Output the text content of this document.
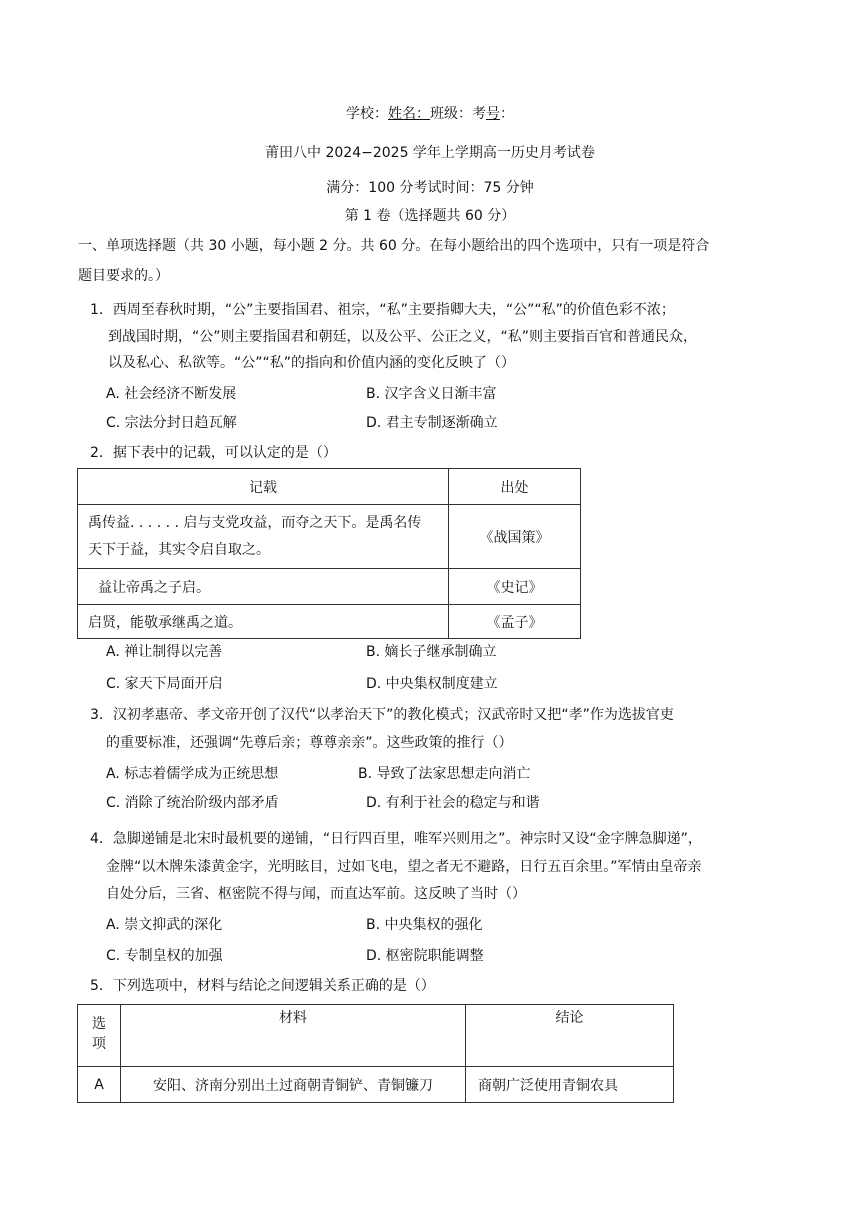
学校：姓名：班级：考号：
莆田八中 2024−2025 学年上学期高一历史月考试卷
满分：100 分考试时间：75 分钟
第 1 卷（选择题共 60 分）
一、单项选择题（共 30 小题，每小题 2 分。共 60 分。在每小题给出的四个选项中，只有一项是符合
题目要求的。）
1．西周至春秋时期，“公”主要指国君、祖宗，“私”主要指卿大夫，“公”“私”的价值色彩不浓；
到战国时期，“公”则主要指国君和朝廷，以及公平、公正之义，“私”则主要指百官和普通民众，
以及私心、私欲等。“公”“私”的指向和价值内涵的变化反映了（）
A. 社会经济不断发展	B. 汉字含义日渐丰富
C. 宗法分封日趋瓦解	D. 君主专制逐渐确立
2．据下表中的记载，可以认定的是（）
记载	出处
禹传益. . . . . . 启与支党攻益，而夺之天下。是禹名传
天下于益，其实令启自取之。	《战国策》
益让帝禹之子启。	《史记》
启贤，能敬承继禹之道。	《孟子》
A. 禅让制得以完善	B. 嫡长子继承制确立
C. 家天下局面开启	D. 中央集权制度建立
3．汉初孝惠帝、孝文帝开创了汉代“以孝治天下”的教化模式；汉武帝时又把“孝”作为选拔官吏
的重要标准，还强调“先尊后亲；尊尊亲亲”。这些政策的推行（）
A. 标志着儒学成为正统思想	B. 导致了法家思想走向消亡
C. 消除了统治阶级内部矛盾	D. 有利于社会的稳定与和谐
4．急脚递铺是北宋时最机要的递铺，“日行四百里，唯军兴则用之”。神宗时又设“金字牌急脚递”，
金牌“以木牌朱漆黄金字，光明眩目，过如飞电，望之者无不避路，日行五百余里。”军情由皇帝亲
自处分后，三省、枢密院不得与闻，而直达军前。这反映了当时（）
A. 崇文抑武的深化	B. 中央集权的强化
C. 专制皇权的加强	D. 枢密院职能调整
5．下列选项中，材料与结论之间逻辑关系正确的是（）
选项	材料	结论
A	安阳、济南分别出土过商朝青铜铲、青铜镰刀	商朝广泛使用青铜农具
